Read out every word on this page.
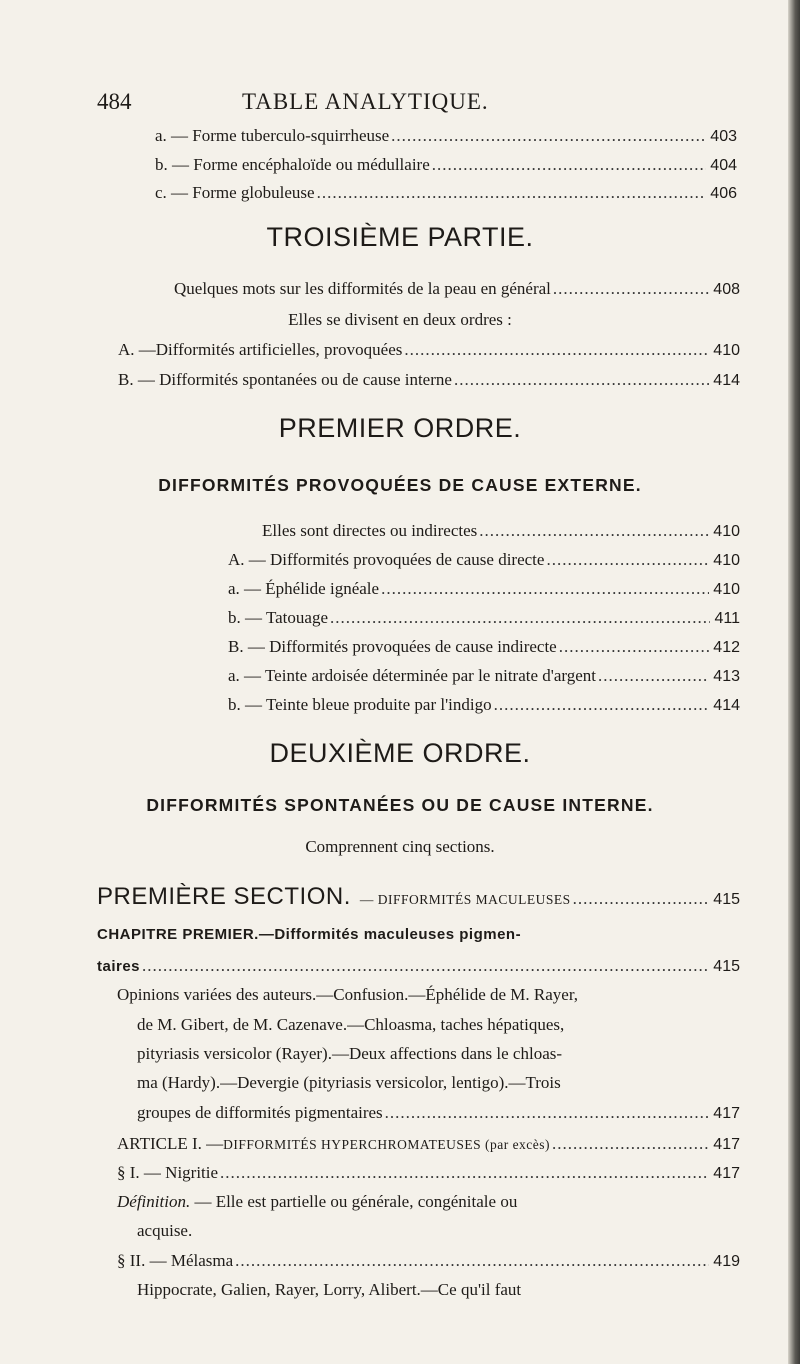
484	TABLE ANALYTIQUE.
a. — Forme tuberculo-squirrheuse .....	403
b. — Forme encéphaloïde ou médullaire .....	404
c. — Forme globuleuse .....	406
TROISIÈME PARTIE.
Quelques mots sur les difformités de la peau en général .....	408
Elles se divisent en deux ordres :
A. —Difformités artificielles, provoquées .....	410
B. — Difformités spontanées ou de cause interne .....	414
PREMIER ORDRE.
DIFFORMITÉS PROVOQUÉES DE CAUSE EXTERNE.
Elles sont directes ou indirectes .....	410
A. — Difformités provoquées de cause directe .....	410
a. — Éphélide ignéale .....	410
b. — Tatouage .....	411
B. — Difformités provoquées de cause indirecte .....	412
a. — Teinte ardoisée déterminée par le nitrate d'argent .....	413
b. — Teinte bleue produite par l'indigo .....	414
DEUXIÈME ORDRE.
DIFFORMITÉS SPONTANÉES OU DE CAUSE INTERNE.
Comprennent cinq sections.
PREMIÈRE SECTION. — DIFFORMITÉS MACULEUSES .....	415
CHAPITRE PREMIER.—Difformités maculeuses pigmen-
taires .....	415
Opinions variées des auteurs.—Confusion.—Éphélide de M. Rayer,
de M. Gibert, de M. Cazenave.—Chloasma, taches hépatiques,
pityriasis versicolor (Rayer).—Deux affections dans le chloas-
ma (Hardy).—Devergie (pityriasis versicolor, lentigo).—Trois
groupes de difformités pigmentaires .....	417
ARTICLE I. — DIFFORMITÉS HYPERCHROMATEUSES (par excès) .....	417
§ I. — Nigritie .....	417
Définition. — Elle est partielle ou générale, congénitale ou
acquise.
§ II. — Mélasma .....	419
Hippocrate, Galien, Rayer, Lorry, Alibert.—Ce qu'il faut
